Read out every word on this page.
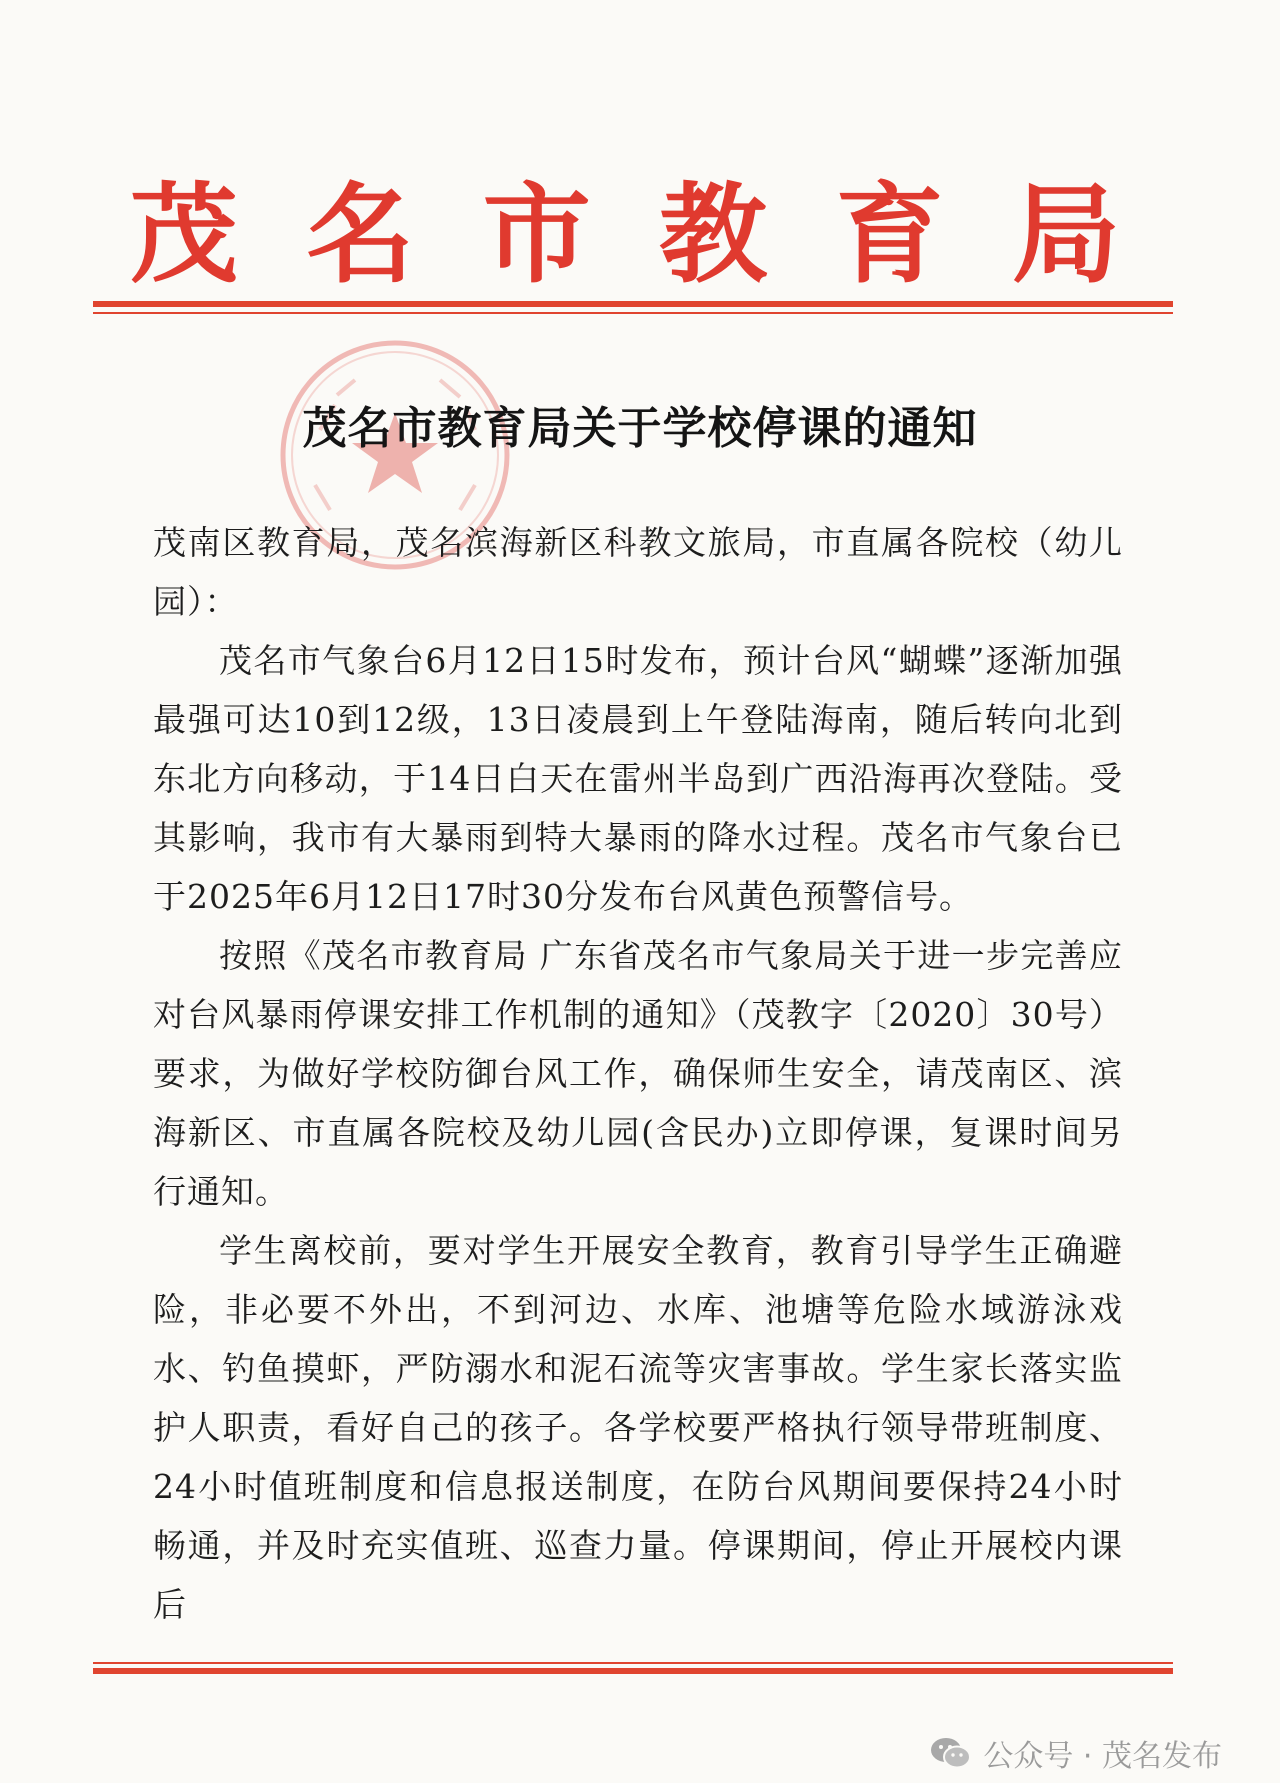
茂 名 市 教 育 局
茂名市教育局关于学校停课的通知

茂南区教育局，茂名滨海新区科教文旅局，市直属各院校（幼儿园）：

茂名市气象台6月12日15时发布，预计台风“蝴蝶”逐渐加强最强可达10到12级，13日凌晨到上午登陆海南，随后转向北到东北方向移动，于14日白天在雷州半岛到广西沿海再次登陆。受其影响，我市有大暴雨到特大暴雨的降水过程。茂名市气象台已于2025年6月12日17时30分发布台风黄色预警信号。

按照《茂名市教育局 广东省茂名市气象局关于进一步完善应对台风暴雨停课安排工作机制的通知》（茂教字〔2020〕30号）要求，为做好学校防御台风工作，确保师生安全，请茂南区、滨海新区、市直属各院校及幼儿园(含民办)立即停课，复课时间另行通知。

学生离校前，要对学生开展安全教育，教育引导学生正确避险，非必要不外出，不到河边、水库、池塘等危险水域游泳戏水、钓鱼摸虾，严防溺水和泥石流等灾害事故。学生家长落实监护人职责，看好自己的孩子。各学校要严格执行领导带班制度、24小时值班制度和信息报送制度，在防台风期间要保持24小时畅通，并及时充实值班、巡查力量。停课期间，停止开展校内课后

公众号 · 茂名发布
